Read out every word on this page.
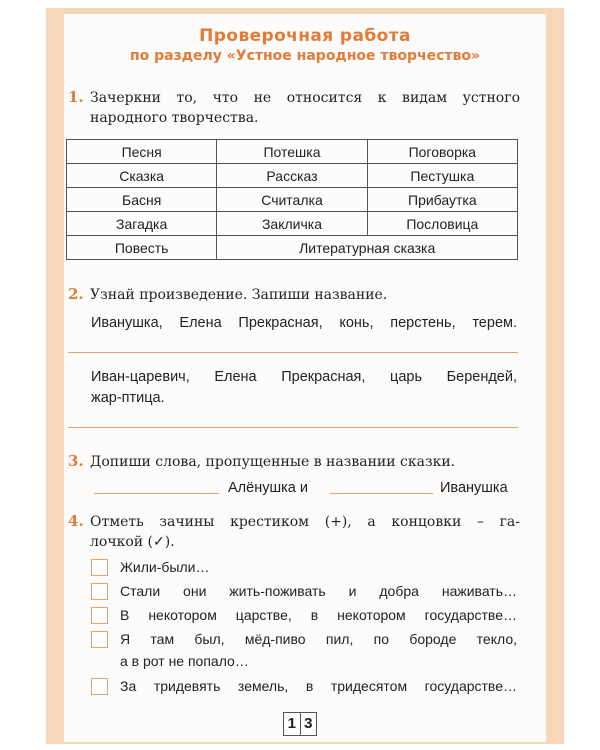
Проверочная работа
по разделу «Устное народное творчество»
1. Зачеркни то, что не относится к видам устного
народного творчества.
Песня	Потешка	Поговорка
Сказка	Рассказ	Пестушка
Басня	Считалка	Прибаутка
Загадка	Закличка	Пословица
Повесть	Литературная сказка	
2. Узнай произведение. Запиши название.
Иванушка, Елена Прекрасная, конь, перстень, терем.
Иван-царевич, Елена Прекрасная, царь Берендей,
жар-птица.
3. Допиши слова, пропущенные в названии сказки.
Алёнушка и	Иванушка
4. Отметь зачины крестиком (+), а концовки – га-
лочкой (✓).
Жили-были…
Стали они жить-поживать и добра наживать…
В некотором царстве, в некотором государстве…
Я там был, мёд-пиво пил, по бороде текло,
а в рот не попало…
За тридевять земель, в тридесятом государстве…
1 3
